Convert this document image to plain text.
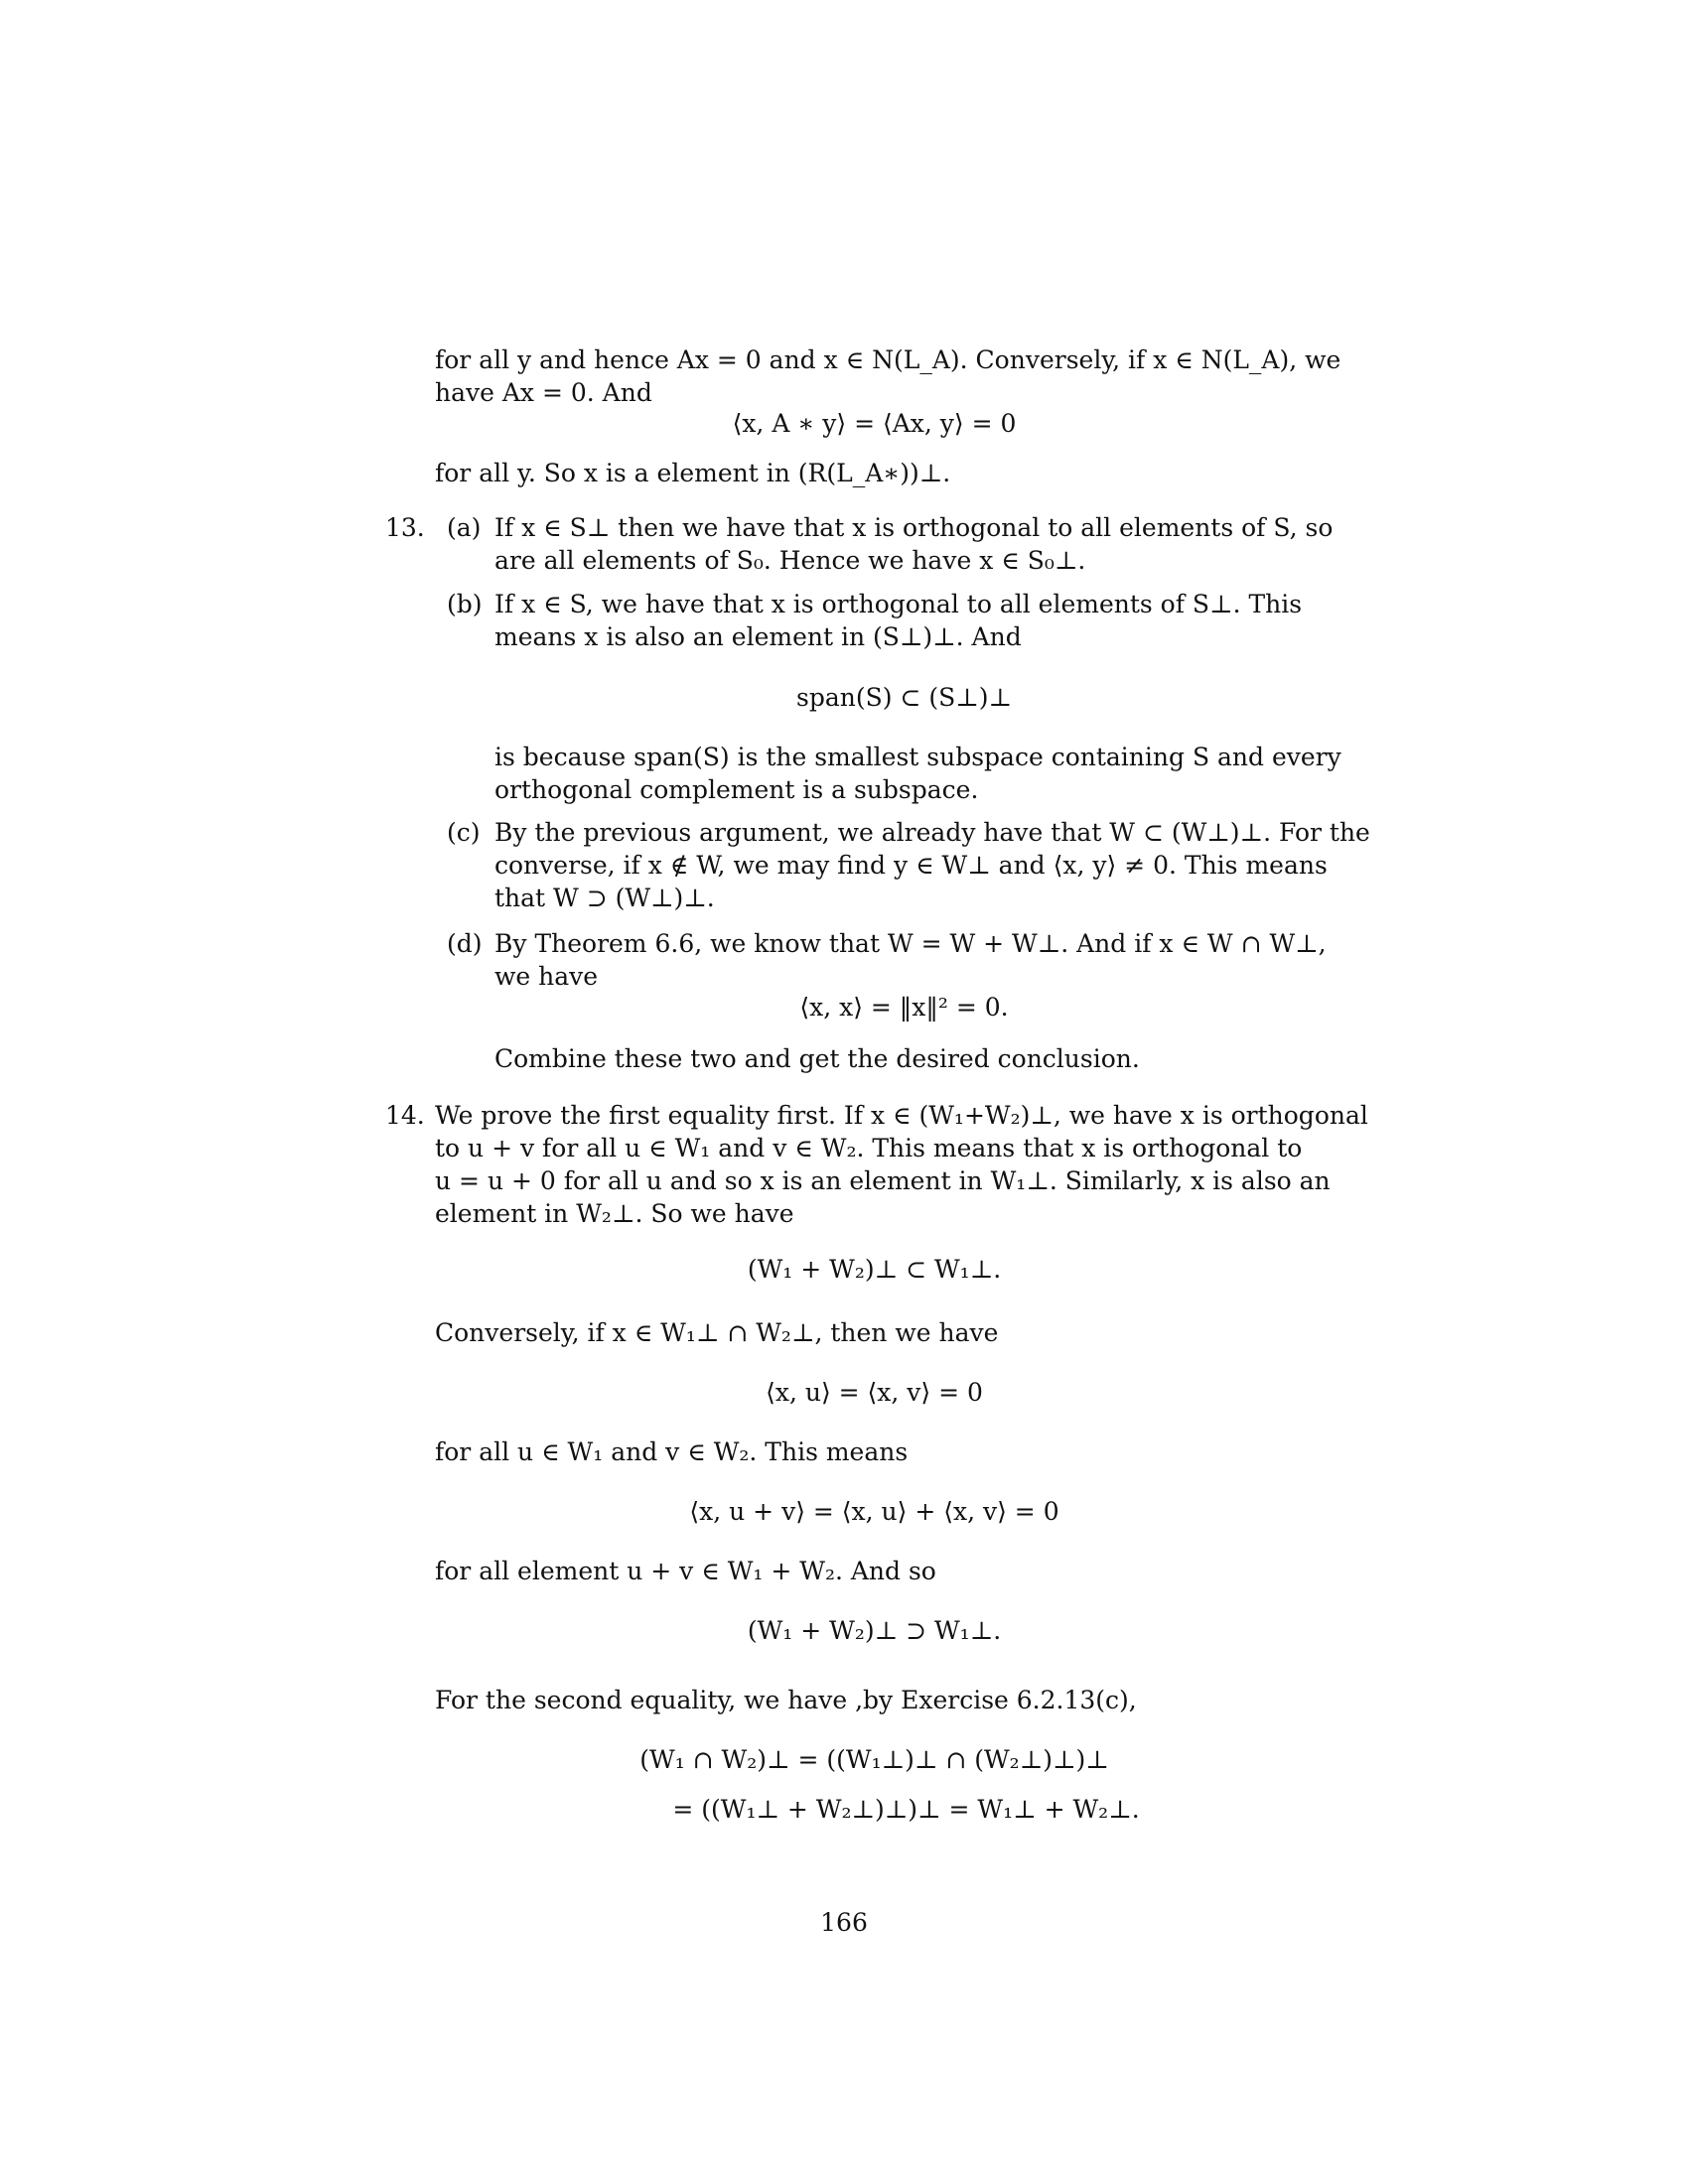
for all y and hence Ax = 0 and x ∈ N(L_A). Conversely, if x ∈ N(L_A), we
have Ax = 0. And
⟨x, A ∗ y⟩ = ⟨Ax, y⟩ = 0
for all y. So x is a element in (R(L_A∗))⊥.
13. (a) If x ∈ S⊥ then we have that x is orthogonal to all elements of S, so
are all elements of S₀. Hence we have x ∈ S₀⊥.
(b) If x ∈ S, we have that x is orthogonal to all elements of S⊥. This
means x is also an element in (S⊥)⊥. And
span(S) ⊂ (S⊥)⊥
is because span(S) is the smallest subspace containing S and every
orthogonal complement is a subspace.
(c) By the previous argument, we already have that W ⊂ (W⊥)⊥. For the
converse, if x ∉ W, we may find y ∈ W⊥ and ⟨x, y⟩ ≠ 0. This means
that W ⊃ (W⊥)⊥.
(d) By Theorem 6.6, we know that W = W + W⊥. And if x ∈ W ∩ W⊥,
we have
⟨x, x⟩ = ‖x‖² = 0.
Combine these two and get the desired conclusion.
14. We prove the first equality first. If x ∈ (W₁+W₂)⊥, we have x is orthogonal
to u + v for all u ∈ W₁ and v ∈ W₂. This means that x is orthogonal to
u = u + 0 for all u and so x is an element in W₁⊥. Similarly, x is also an
element in W₂⊥. So we have
(W₁ + W₂)⊥ ⊂ W₁⊥.
Conversely, if x ∈ W₁⊥ ∩ W₂⊥, then we have
⟨x, u⟩ = ⟨x, v⟩ = 0
for all u ∈ W₁ and v ∈ W₂. This means
⟨x, u + v⟩ = ⟨x, u⟩ + ⟨x, v⟩ = 0
for all element u + v ∈ W₁ + W₂. And so
(W₁ + W₂)⊥ ⊃ W₁⊥.
For the second equality, we have ,by Exercise 6.2.13(c),
(W₁ ∩ W₂)⊥ = ((W₁⊥)⊥ ∩ (W₂⊥)⊥)⊥
= ((W₁⊥ + W₂⊥)⊥)⊥ = W₁⊥ + W₂⊥.
166
